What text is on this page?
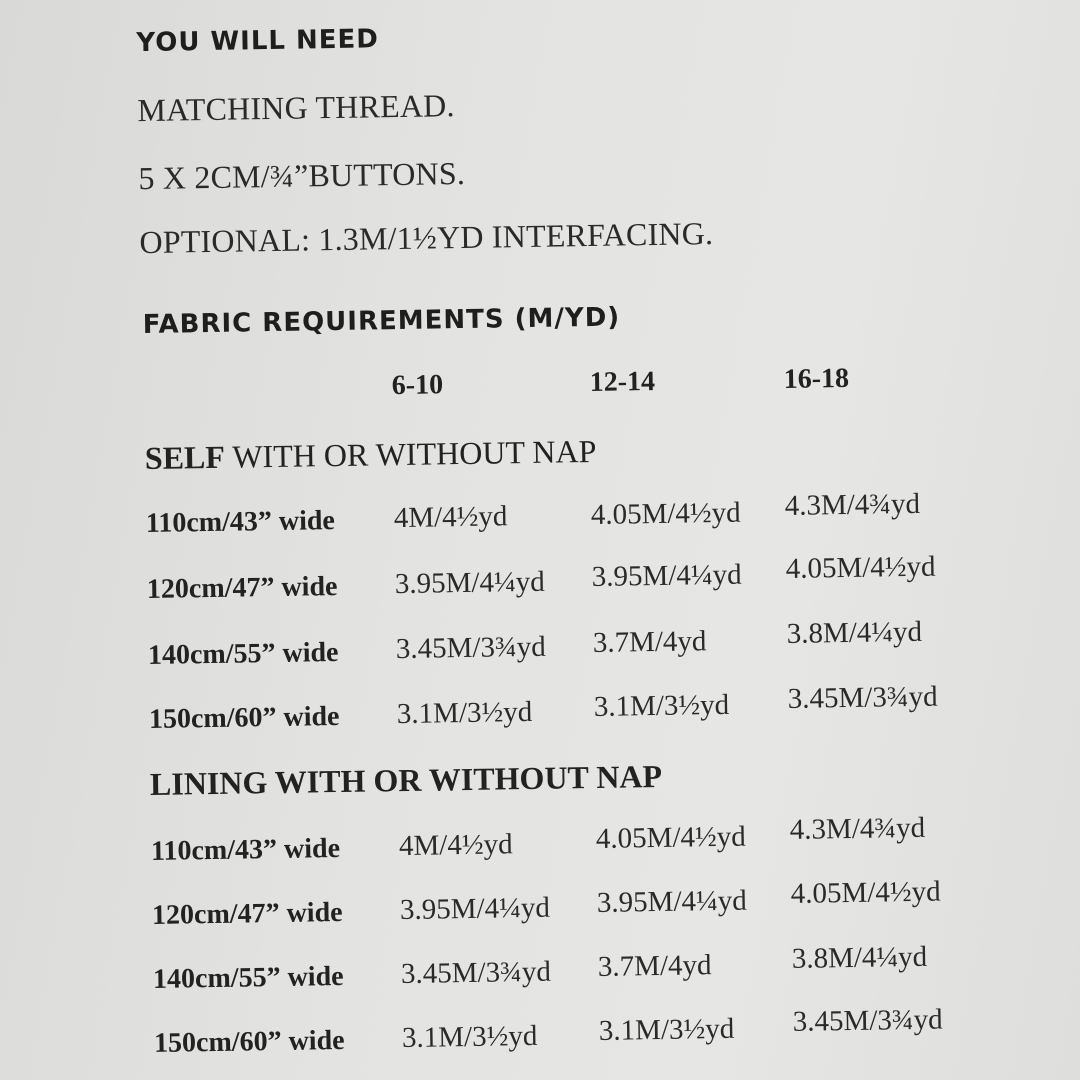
YOU WILL NEED
MATCHING THREAD.
5 X 2CM/¾”BUTTONS.
OPTIONAL: 1.3M/1½YD INTERFACING.
FABRIC REQUIREMENTS (M/YD)
6-10	12-14	16-18
SELF WITH OR WITHOUT NAP
110cm/43” wide 4M/4½yd	4.05M/4½yd 4.3M/4¾yd
120cm/47” wide 3.95M/4¼yd 3.95M/4¼yd 4.05M/4½yd
140cm/55” wide 3.45M/3¾yd 3.7M/4yd	3.8M/4¼yd
150cm/60” wide 3.1M/3½yd 3.1M/3½yd 3.45M/3¾yd
LINING WITH OR WITHOUT NAP
110cm/43” wide 4M/4½yd	4.05M/4½yd 4.3M/4¾yd
120cm/47” wide 3.95M/4¼yd 3.95M/4¼yd 4.05M/4½yd
140cm/55” wide 3.45M/3¾yd 3.7M/4yd	3.8M/4¼yd
150cm/60” wide 3.1M/3½yd 3.1M/3½yd 3.45M/3¾yd
